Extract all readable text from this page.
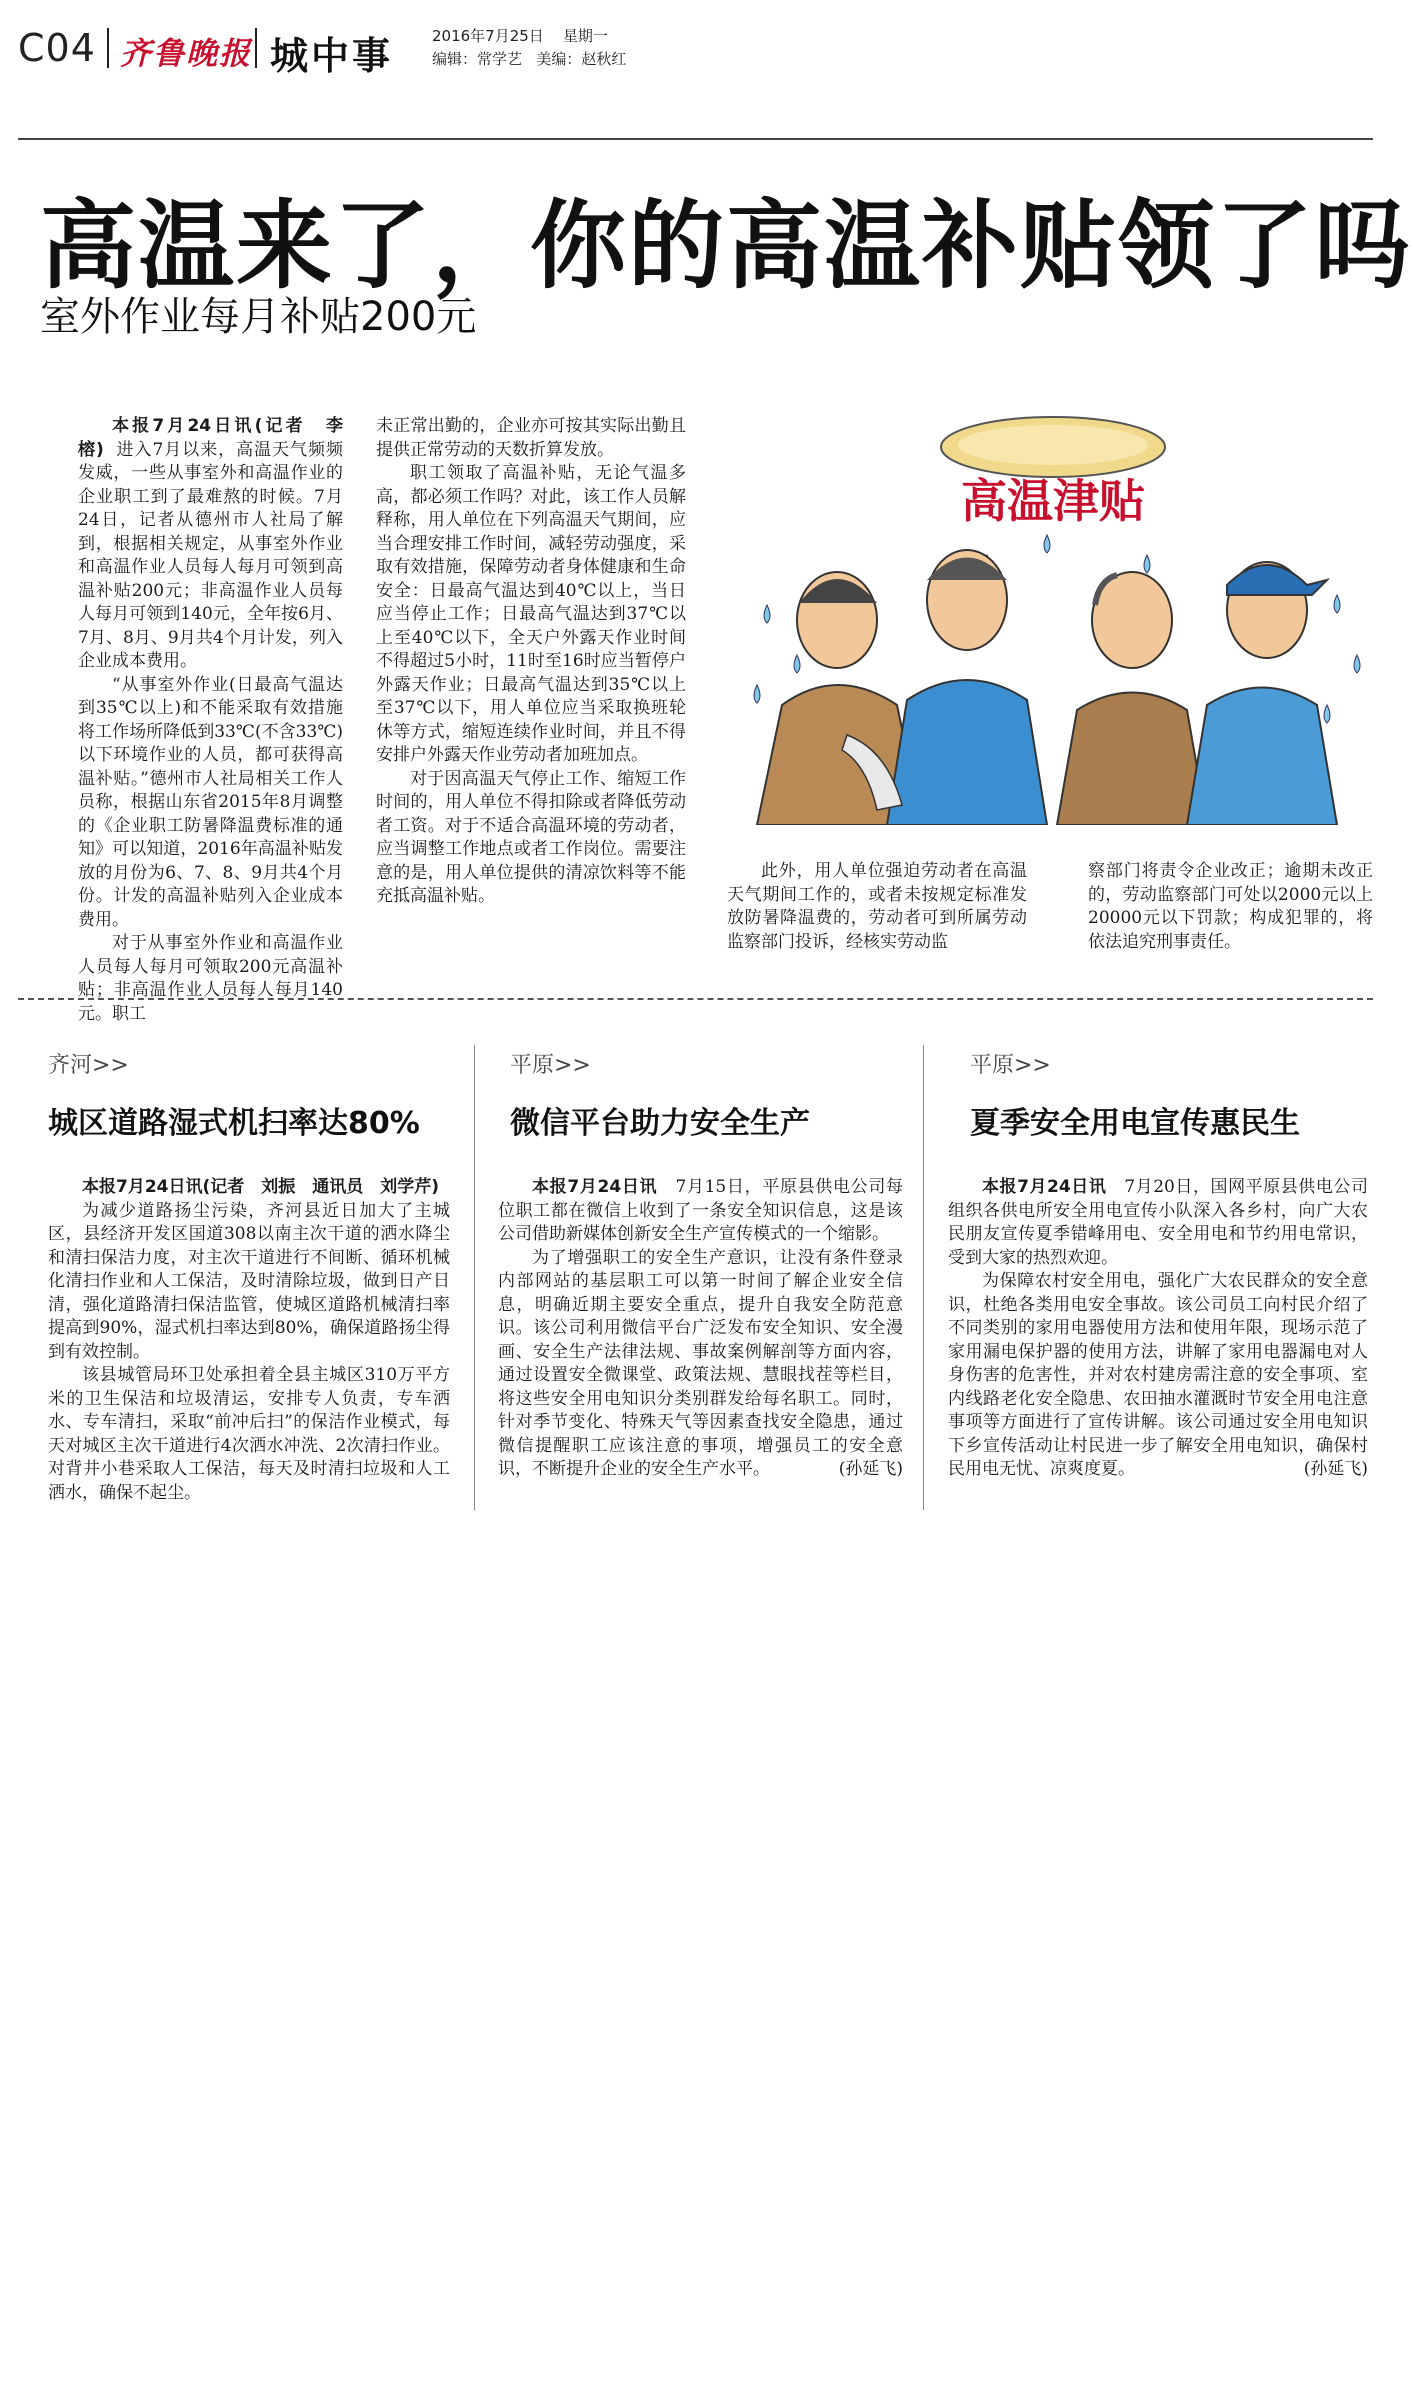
C04 齐鲁晚报 城中事	2016年7月25日 星期一
编辑：常学艺 美编：赵秋红
高温来了，你的高温补贴领了吗
室外作业每月补贴200元

本报7月24日讯(记者　李榕) 进入7月以来，高温天气频频发威，一些从事室外和高温作业的企业职工到了最难熬的时候。7月24日，记者从德州市人社局了解到，根据相关规定，从事室外作业和高温作业人员每人每月可领到高温补贴200元；非高温作业人员每人每月可领到140元，全年按6月、7月、8月、9月共4个月计发，列入企业成本费用。

“从事室外作业(日最高气温达到35℃以上)和不能采取有效措施将工作场所降低到33℃(不含33℃)以下环境作业的人员，都可获得高温补贴。”德州市人社局相关工作人员称，根据山东省2015年8月调整的《企业职工防暑降温费标准的通知》可以知道，2016年高温补贴发放的月份为6、7、8、9月共4个月份。计发的高温补贴列入企业成本费用。

对于从事室外作业和高温作业人员每人每月可领取200元高温补贴；非高温作业人员每人每月140元。职工

未正常出勤的，企业亦可按其实际出勤且提供正常劳动的天数折算发放。

职工领取了高温补贴，无论气温多高，都必须工作吗？对此，该工作人员解释称，用人单位在下列高温天气期间，应当合理安排工作时间，减轻劳动强度，采取有效措施，保障劳动者身体健康和生命安全：日最高气温达到40℃以上，当日应当停止工作；日最高气温达到37℃以上至40℃以下，全天户外露天作业时间不得超过5小时，11时至16时应当暂停户外露天作业；日最高气温达到35℃以上至37℃以下，用人单位应当采取换班轮休等方式，缩短连续作业时间，并且不得安排户外露天作业劳动者加班加点。

对于因高温天气停止工作、缩短工作时间的，用人单位不得扣除或者降低劳动者工资。对于不适合高温环境的劳动者，应当调整工作地点或者工作岗位。需要注意的是，用人单位提供的清凉饮料等不能充抵高温补贴。

高温津贴

此外，用人单位强迫劳动者在高温天气期间工作的，或者未按规定标准发放防暑降温费的，劳动者可到所属劳动监察部门投诉，经核实劳动监

察部门将责令企业改正；逾期未改正的，劳动监察部门可处以2000元以上20000元以下罚款；构成犯罪的，将依法追究刑事责任。

齐河>>
城区道路湿式机扫率达80%

本报7月24日讯(记者　刘振　通讯员　刘学芹)

为减少道路扬尘污染，齐河县近日加大了主城区，县经济开发区国道308以南主次干道的洒水降尘和清扫保洁力度，对主次干道进行不间断、循环机械化清扫作业和人工保洁，及时清除垃圾，做到日产日清，强化道路清扫保洁监管，使城区道路机械清扫率提高到90%，湿式机扫率达到80%，确保道路扬尘得到有效控制。

该县城管局环卫处承担着全县主城区310万平方米的卫生保洁和垃圾清运，安排专人负责，专车洒水、专车清扫，采取“前冲后扫”的保洁作业模式，每天对城区主次干道进行4次洒水冲洗、2次清扫作业。对背井小巷采取人工保洁，每天及时清扫垃圾和人工洒水，确保不起尘。

平原>>
微信平台助力安全生产

本报7月24日讯 7月15日，平原县供电公司每位职工都在微信上收到了一条安全知识信息，这是该公司借助新媒体创新安全生产宣传模式的一个缩影。

为了增强职工的安全生产意识，让没有条件登录内部网站的基层职工可以第一时间了解企业安全信息，明确近期主要安全重点，提升自我安全防范意识。该公司利用微信平台广泛发布安全知识、安全漫画、安全生产法律法规、事故案例解剖等方面内容，通过设置安全微课堂、政策法规、慧眼找茬等栏目，将这些安全用电知识分类别群发给每名职工。同时，针对季节变化、特殊天气等因素查找安全隐患，通过微信提醒职工应该注意的事项，增强员工的安全意识，不断提升企业的安全生产水平。	(孙延飞)

平原>>
夏季安全用电宣传惠民生

本报7月24日讯 7月20日，国网平原县供电公司组织各供电所安全用电宣传小队深入各乡村，向广大农民朋友宣传夏季错峰用电、安全用电和节约用电常识，受到大家的热烈欢迎。

为保障农村安全用电，强化广大农民群众的安全意识，杜绝各类用电安全事故。该公司员工向村民介绍了不同类别的家用电器使用方法和使用年限，现场示范了家用漏电保护器的使用方法，讲解了家用电器漏电对人身伤害的危害性，并对农村建房需注意的安全事项、室内线路老化安全隐患、农田抽水灌溉时节安全用电注意事项等方面进行了宣传讲解。该公司通过安全用电知识下乡宣传活动让村民进一步了解安全用电知识，确保村民用电无忧、凉爽度夏。	(孙延飞)
